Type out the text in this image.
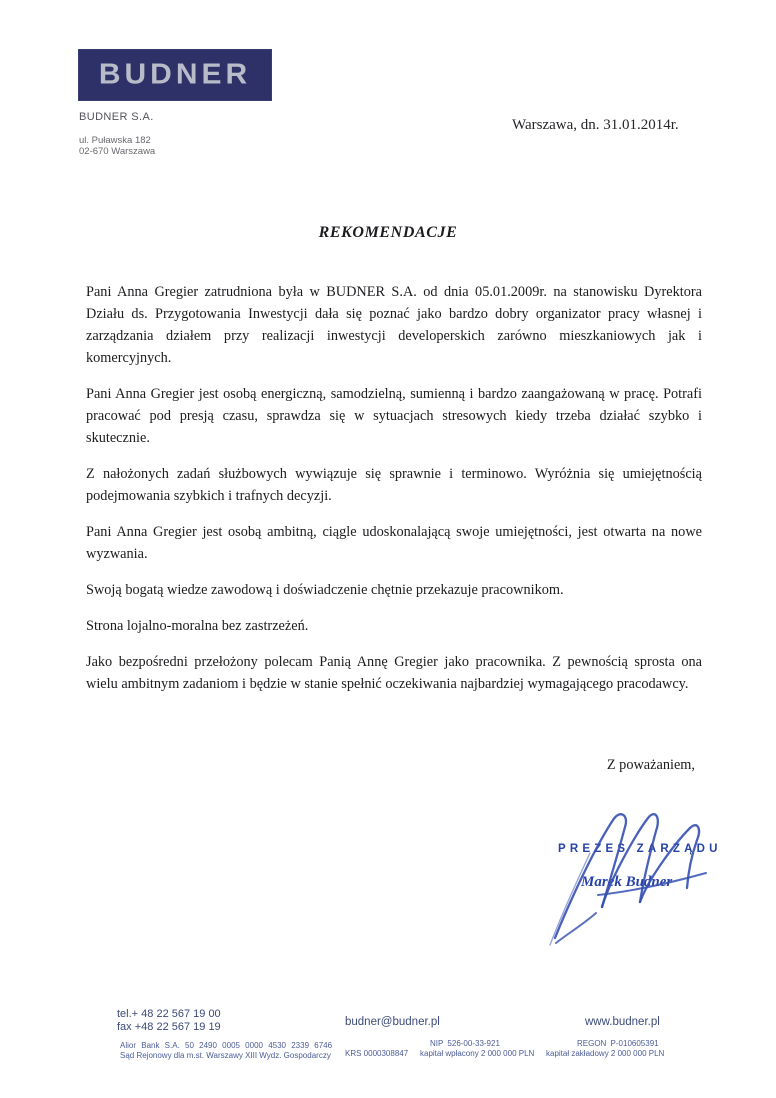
BUDNER
BUDNER S.A.
ul. Puławska 182
02-670 Warszawa
Warszawa, dn. 31.01.2014r.
REKOMENDACJE

Pani Anna Gregier zatrudniona była w BUDNER S.A. od dnia 05.01.2009r. na stanowisku Dyrektora Działu ds. Przygotowania Inwestycji dała się poznać jako bardzo dobry organizator pracy własnej i zarządzania działem przy realizacji inwestycji developerskich zarówno mieszkaniowych jak i komercyjnych.

Pani Anna Gregier jest osobą energiczną, samodzielną, sumienną i bardzo zaangażowaną w pracę. Potrafi pracować pod presją czasu, sprawdza się w sytuacjach stresowych kiedy trzeba działać szybko i skutecznie.

Z nałożonych zadań służbowych wywiązuje się sprawnie i terminowo. Wyróżnia się umiejętnością podejmowania szybkich i trafnych decyzji.

Pani Anna Gregier jest osobą ambitną, ciągle udoskonalającą swoje umiejętności, jest otwarta na nowe wyzwania.

Swoją bogatą wiedze zawodową i doświadczenie chętnie przekazuje pracownikom.

Strona lojalno-moralna bez zastrzeżeń.

Jako bezpośredni przełożony polecam Panią Annę Gregier jako pracownika. Z pewnością sprosta ona wielu ambitnym zadaniom i będzie w stanie spełnić oczekiwania najbardziej wymagającego pracodawcy.

Z poważaniem,
PREZES ZARZĄDU
Marek Budner
tel.+ 48 22 567 19 00
fax +48 22 567 19 19
Alior Bank S.A. 50 2490 0005 0000 4530 2339 6746
Sąd Rejonowy dla m.st. Warszawy XIII Wydz. Gospodarczy
budner@budner.pl
NIP 526-00-33-921
KRS 0000308847 kapitał wpłacony 2 000 000 PLN
www.budner.pl
REGON P-010605391
kapitał zakładowy 2 000 000 PLN
